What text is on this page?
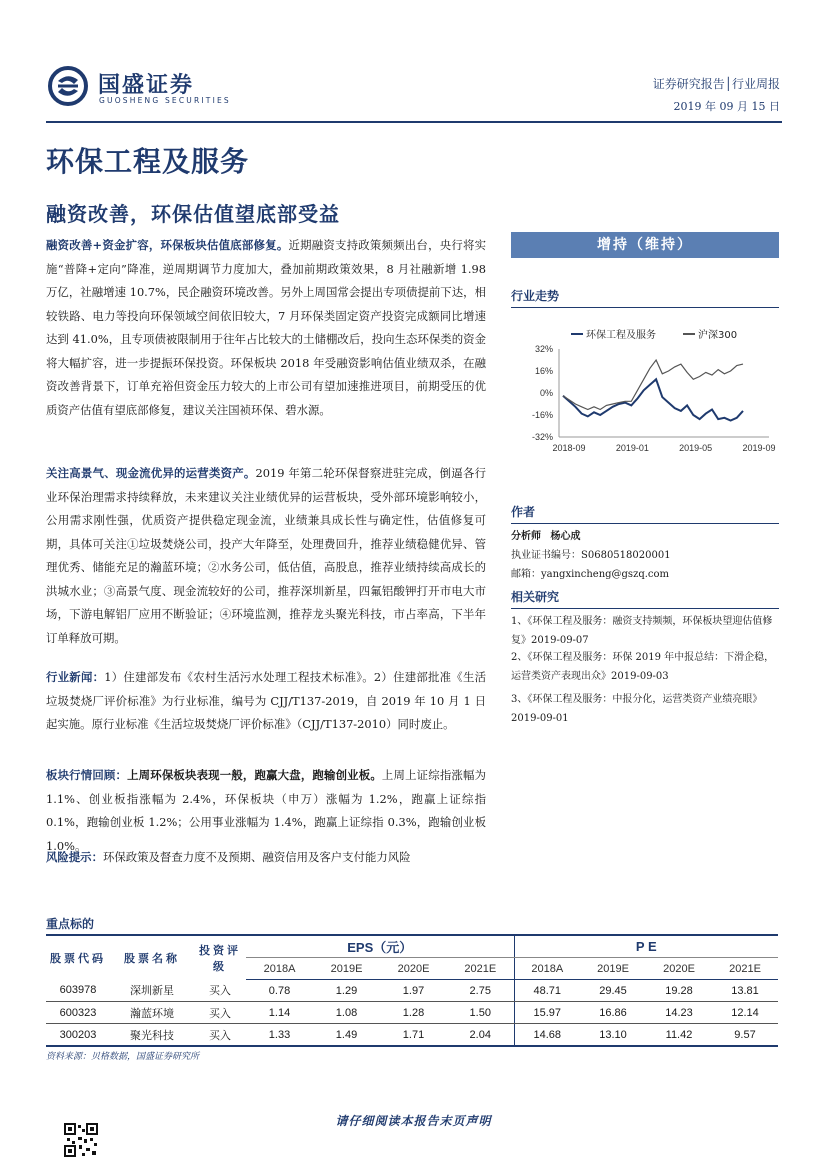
国盛证券
GUOSHENG SECURITIES
证券研究报告│行业周报
2019 年 09 月 15 日
环保工程及服务
融资改善，环保估值望底部受益
融资改善+资金扩容，环保板块估值底部修复。近期融资支持政策频频出台，央行将实施“普降+定向”降准，逆周期调节力度加大，叠加前期政策效果，8 月社融新增 1.98 万亿，社融增速 10.7%，民企融资环境改善。另外上周国常会提出专项债提前下达，相较铁路、电力等投向环保领域空间依旧较大，7 月环保类固定资产投资完成额同比增速达到 41.0%，且专项债被限制用于往年占比较大的土储棚改后，投向生态环保类的资金将大幅扩容，进一步提振环保投资。环保板块 2018 年受融资影响估值业绩双杀，在融资改善背景下，订单充裕但资金压力较大的上市公司有望加速推进项目，前期受压的优质资产估值有望底部修复，建议关注国祯环保、碧水源。
关注高景气、现金流优异的运营类资产。2019 年第二轮环保督察进驻完成，倒逼各行业环保治理需求持续释放，未来建议关注业绩优异的运营板块，受外部环境影响较小，公用需求刚性强，优质资产提供稳定现金流，业绩兼具成长性与确定性，估值修复可期，具体可关注①垃圾焚烧公司，投产大年降至，处理费回升，推荐业绩稳健优异、管理优秀、储能充足的瀚蓝环境；②水务公司，低估值，高股息，推荐业绩持续高成长的洪城水业；③高景气度、现金流较好的公司，推荐深圳新星，四氟铝酸钾打开市电大市场，下游电解铝厂应用不断验证；④环境监测，推荐龙头聚光科技，市占率高，下半年订单释放可期。
行业新闻：1）住建部发布《农村生活污水处理工程技术标准》。2）住建部批准《生活垃圾焚烧厂评价标准》为行业标准，编号为 CJJ/T137-2019，自 2019 年 10 月 1 日起实施。原行业标准《生活垃圾焚烧厂评价标准》（CJJ/T137-2010）同时废止。
板块行情回顾：上周环保板块表现一般，跑赢大盘，跑输创业板。上周上证综指涨幅为 1.1%、创业板指涨幅为 2.4%，环保板块（申万）涨幅为 1.2%，跑赢上证综指 0.1%，跑输创业板 1.2%；公用事业涨幅为 1.4%，跑赢上证综指 0.3%，跑输创业板 1.0%。
风险提示：环保政策及督查力度不及预期、融资信用及客户支付能力风险
增持（维持）
行业走势
环保工程及服务	沪深300
32%
16%
0%
-16%
-32%
2018-09	2019-01	2019-05	2019-09
作者
分析师 杨心成
执业证书编号：S0680518020001
邮箱：yangxincheng@gszq.com
相关研究
1、《环保工程及服务：融资支持频频，环保板块望迎估值修复》2019-09-07
2、《环保工程及服务：环保 2019 年中报总结：下滑企稳，运营类资产表现出众》2019-09-03
3、《环保工程及服务：中报分化，运营类资产业绩亮眼》2019-09-01
重点标的
股票代码	股票名称	投资评级	EPS（元）				P E			
			2018A	2019E	2020E	2021E	2018A	2019E	2020E	2021E
603978	深圳新星	买入	0.78	1.29	1.97	2.75	48.71	29.45	19.28	13.81
600323	瀚蓝环境	买入	1.14	1.08	1.28	1.50	15.97	16.86	14.23	12.14
300203	聚光科技	买入	1.33	1.49	1.71	2.04	14.68	13.10	11.42	9.57
资料来源：贝格数据，国盛证券研究所
请仔细阅读本报告末页声明
